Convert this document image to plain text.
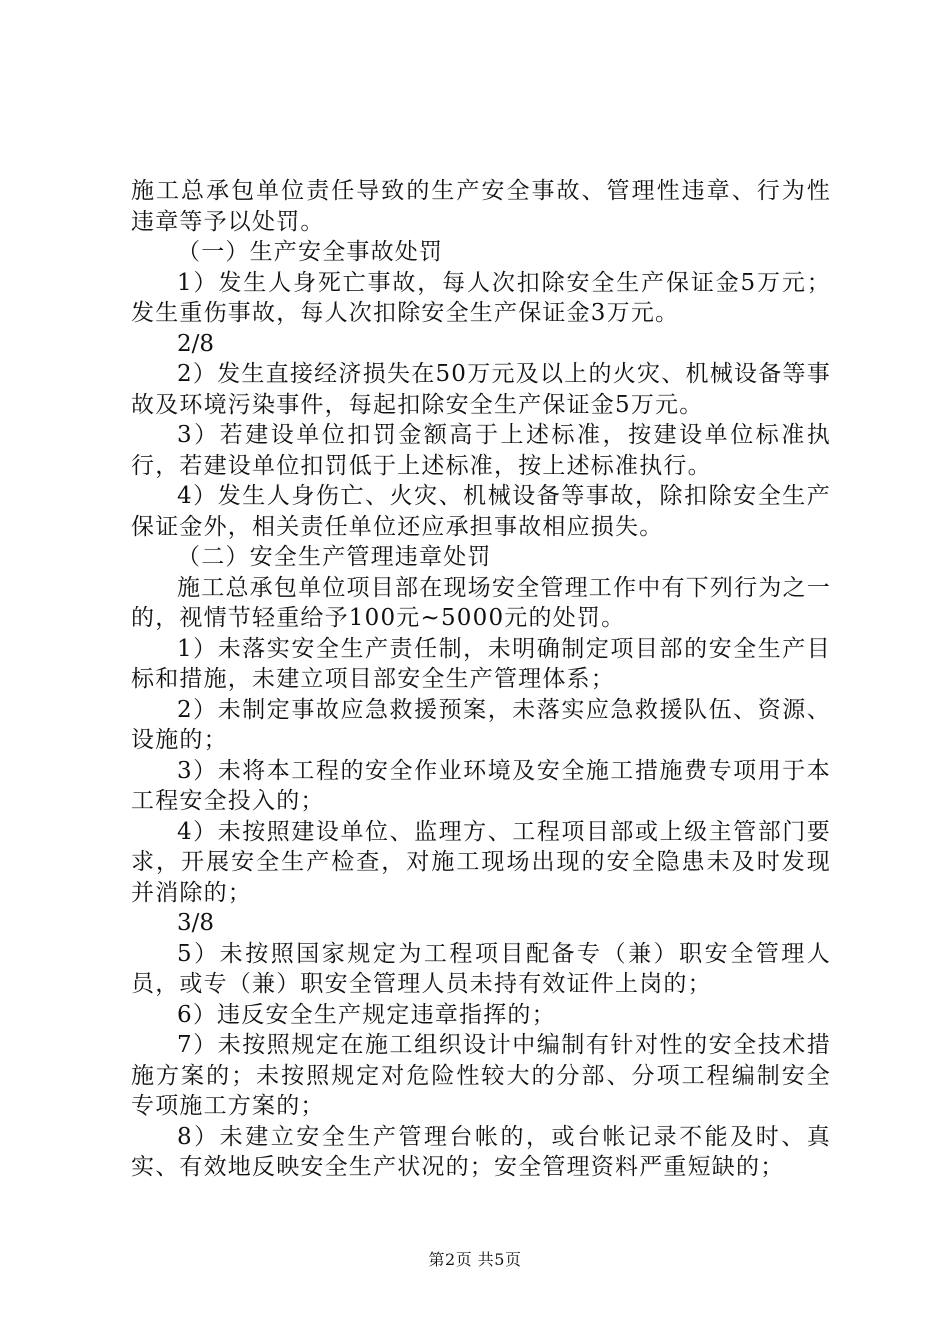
施工总承包单位责任导致的生产安全事故、管理性违章、行为性违章等予以处罚。

（一）生产安全事故处罚

1）发生人身死亡事故，每人次扣除安全生产保证金5万元；发生重伤事故，每人次扣除安全生产保证金3万元。

2/8

2）发生直接经济损失在50万元及以上的火灾、机械设备等事故及环境污染事件，每起扣除安全生产保证金5万元。

3）若建设单位扣罚金额高于上述标准，按建设单位标准执行，若建设单位扣罚低于上述标准，按上述标准执行。

4）发生人身伤亡、火灾、机械设备等事故，除扣除安全生产保证金外，相关责任单位还应承担事故相应损失。

（二）安全生产管理违章处罚

施工总承包单位项目部在现场安全管理工作中有下列行为之一的，视情节轻重给予100元~5000元的处罚。

1）未落实安全生产责任制，未明确制定项目部的安全生产目标和措施，未建立项目部安全生产管理体系；

2）未制定事故应急救援预案，未落实应急救援队伍、资源、设施的；

3）未将本工程的安全作业环境及安全施工措施费专项用于本工程安全投入的；

4）未按照建设单位、监理方、工程项目部或上级主管部门要求，开展安全生产检查，对施工现场出现的安全隐患未及时发现并消除的；

3/8

5）未按照国家规定为工程项目配备专（兼）职安全管理人员，或专（兼）职安全管理人员未持有效证件上岗的；

6）违反安全生产规定违章指挥的；

7）未按照规定在施工组织设计中编制有针对性的安全技术措施方案的；未按照规定对危险性较大的分部、分项工程编制安全专项施工方案的；

8）未建立安全生产管理台帐的，或台帐记录不能及时、真实、有效地反映安全生产状况的；安全管理资料严重短缺的；

第2页 共5页
